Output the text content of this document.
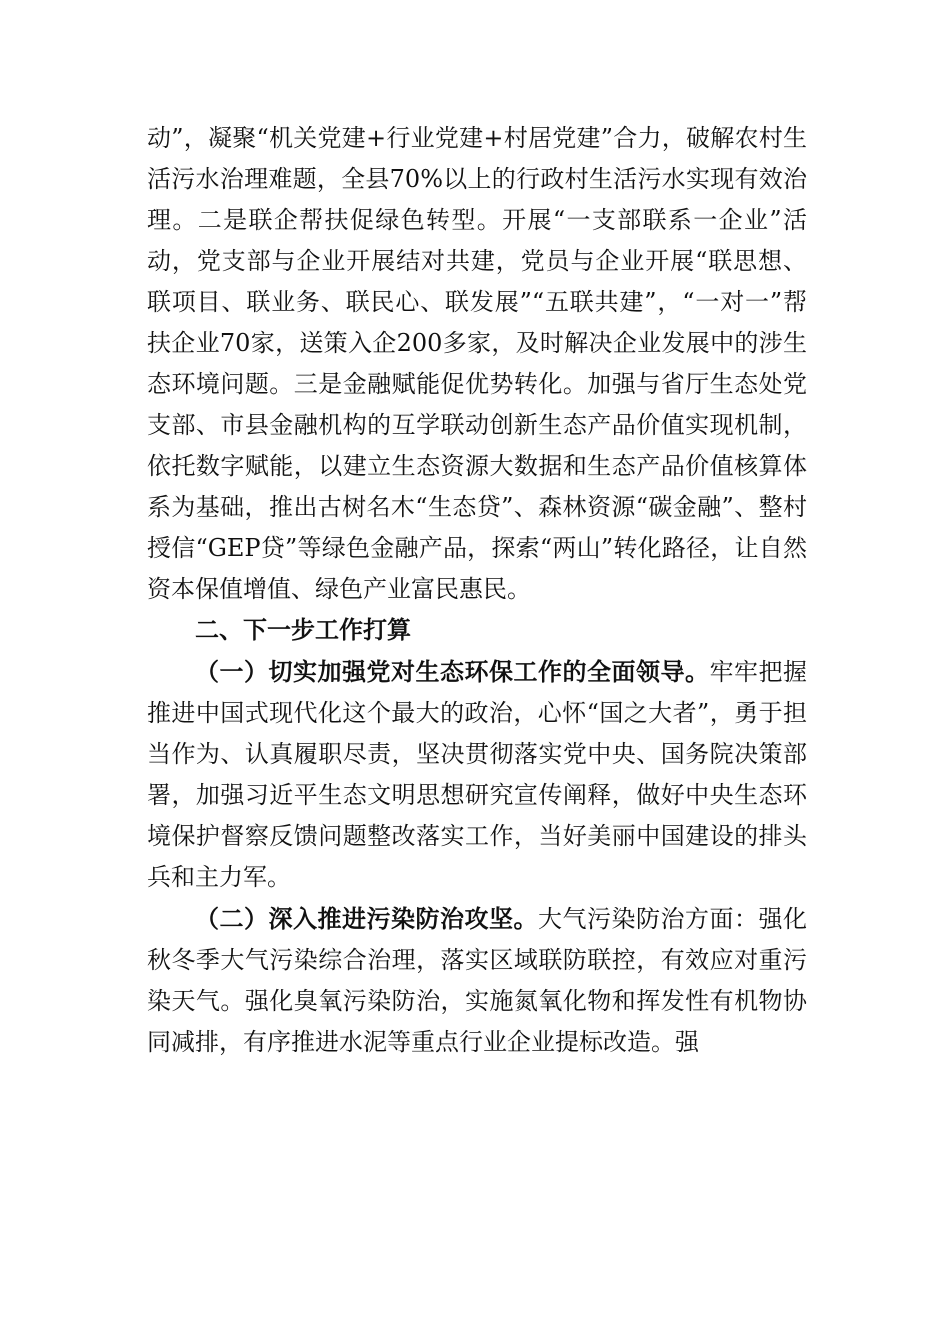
动”，凝聚“机关党建+行业党建+村居党建”合力，破解农村生活污水治理难题，全县70%以上的行政村生活污水实现有效治理。二是联企帮扶促绿色转型。开展“一支部联系一企业”活动，党支部与企业开展结对共建，党员与企业开展“联思想、联项目、联业务、联民心、联发展”“五联共建”，“一对一”帮扶企业70家，送策入企200多家，及时解决企业发展中的涉生态环境问题。三是金融赋能促优势转化。加强与省厅生态处党支部、市县金融机构的互学联动创新生态产品价值实现机制，依托数字赋能，以建立生态资源大数据和生态产品价值核算体系为基础，推出古树名木“生态贷”、森林资源“碳金融”、整村授信“GEP贷”等绿色金融产品，探索“两山”转化路径，让自然资本保值增值、绿色产业富民惠民。

二、下一步工作打算

（一）切实加强党对生态环保工作的全面领导。牢牢把握推进中国式现代化这个最大的政治，心怀“国之大者”，勇于担当作为、认真履职尽责，坚决贯彻落实党中央、国务院决策部署，加强习近平生态文明思想研究宣传阐释，做好中央生态环境保护督察反馈问题整改落实工作，当好美丽中国建设的排头兵和主力军。

（二）深入推进污染防治攻坚。大气污染防治方面：强化秋冬季大气污染综合治理，落实区域联防联控，有效应对重污染天气。强化臭氧污染防治，实施氮氧化物和挥发性有机物协同减排，有序推进水泥等重点行业企业提标改造。强
